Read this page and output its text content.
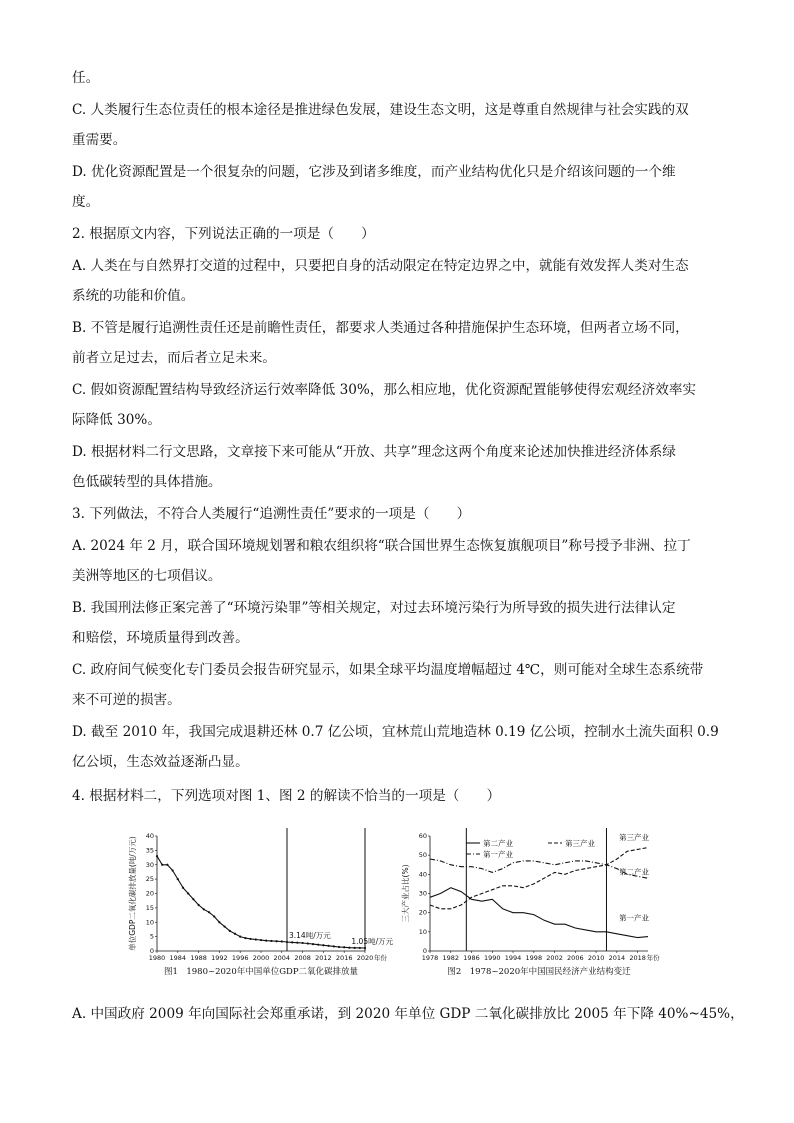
任。
C. 人类履行生态位责任的根本途径是推进绿色发展，建设生态文明，这是尊重自然规律与社会实践的双
重需要。
D. 优化资源配置是一个很复杂的问题，它涉及到诸多维度，而产业结构优化只是介绍该问题的一个维
度。
2. 根据原文内容，下列说法正确的一项是（　　）
A. 人类在与自然界打交道的过程中，只要把自身的活动限定在特定边界之中，就能有效发挥人类对生态
系统的功能和价值。
B. 不管是履行追溯性责任还是前瞻性责任，都要求人类通过各种措施保护生态环境，但两者立场不同，
前者立足过去，而后者立足未来。
C. 假如资源配置结构导致经济运行效率降低 30%，那么相应地，优化资源配置能够使得宏观经济效率实
际降低 30%。
D. 根据材料二行文思路，文章接下来可能从“开放、共享”理念这两个角度来论述加快推进经济体系绿
色低碳转型的具体措施。
3. 下列做法，不符合人类履行“追溯性责任”要求的一项是（　　）
A. 2024 年 2 月，联合国环境规划署和粮农组织将“联合国世界生态恢复旗舰项目”称号授予非洲、拉丁
美洲等地区的七项倡议。
B. 我国刑法修正案完善了“环境污染罪”等相关规定，对过去环境污染行为所导致的损失进行法律认定
和赔偿，环境质量得到改善。
C. 政府间气候变化专门委员会报告研究显示，如果全球平均温度增幅超过 4℃，则可能对全球生态系统带
来不可逆的损害。
D. 截至 2010 年，我国完成退耕还林 0.7 亿公顷，宜林荒山荒地造林 0.19 亿公顷，控制水土流失面积 0.9
亿公顷，生态效益逐渐凸显。
4. 根据材料二，下列选项对图 1、图 2 的解读不恰当的一项是（　　）
A. 中国政府 2009 年向国际社会郑重承诺，到 2020 年单位 GDP 二氧化碳排放比 2005 年下降 40%~45%，
0
5
10
15
20
25
30
35
40
1980 1984 1988 1992 1996 2000 2004 2008 2012 2016 2020 年份
单位GDP二氧化碳排放量(吨/万元)
图1　1980~2020年中国单位GDP二氧化碳排放量
3.14吨/万元
1.05吨/万元
0
10
20
30
40
50
60
1978 1982 1986 1990 1994 1998 2002 2006 2010 2014 2018 年份
三大产业占比(%)
图2　1978~2020年中国国民经济产业结构变迁
第二产业	第三产业
第一产业
第三产业
第二产业
第一产业
